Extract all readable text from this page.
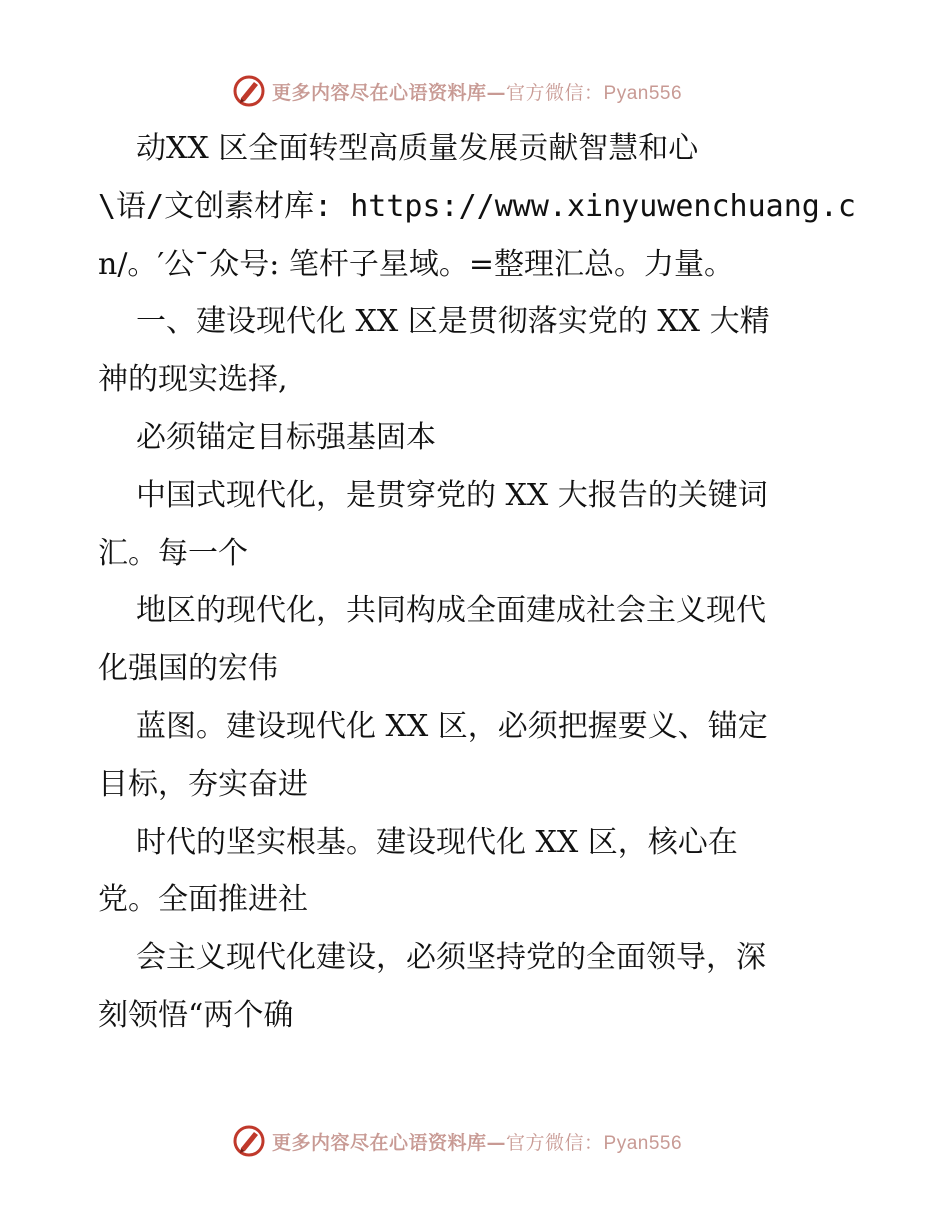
更多内容尽在心语资料库—官方微信：Pyan556
动XX 区全面转型高质量发展贡献智慧和心
\语/文创素材库: https://www.xinyuwenchuang.c
n/。′公¯众号: 笔杆子星域。=整理汇总。力量。
一、建设现代化 XX 区是贯彻落实党的 XX 大精
神的现实选择,
必须锚定目标强基固本
中国式现代化，是贯穿党的 XX 大报告的关键词
汇。每一个
地区的现代化，共同构成全面建成社会主义现代
化强国的宏伟
蓝图。建设现代化 XX 区，必须把握要义、锚定
目标，夯实奋进
时代的坚实根基。建设现代化 XX 区，核心在
党。全面推进社
会主义现代化建设，必须坚持党的全面领导，深
刻领悟“两个确
更多内容尽在心语资料库—官方微信：Pyan556
